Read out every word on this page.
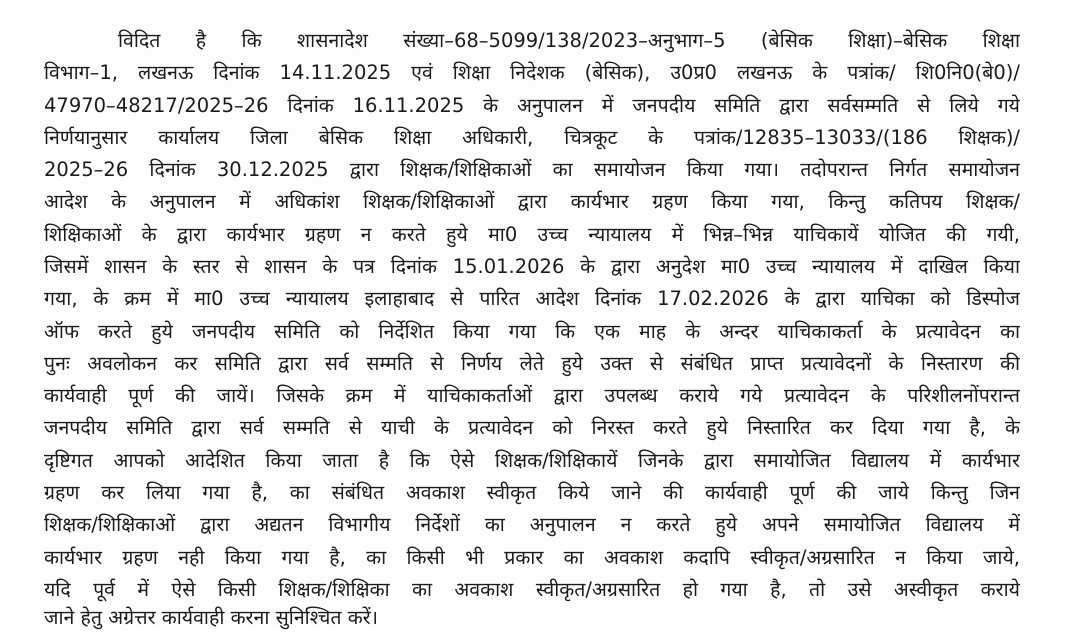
विदित है कि शासनादेश संख्या–68–5099/138/2023–अनुभाग–5 (बेसिक शिक्षा)–बेसिक शिक्षा
विभाग–1, लखनऊ दिनांक 14.11.2025 एवं शिक्षा निदेशक (बेसिक), उ0प्र0 लखनऊ के पत्रांक/ शि0नि0(बे0)/
47970–48217/2025–26 दिनांक 16.11.2025 के अनुपालन में जनपदीय समिति द्वारा सर्वसम्मति से लिये गये
निर्णयानुसार कार्यालय जिला बेसिक शिक्षा अधिकारी, चित्रकूट के पत्रांक/12835–13033/(186 शिक्षक)/
2025–26 दिनांक 30.12.2025 द्वारा शिक्षक/शिक्षिकाओं का समायोजन किया गया। तदोपरान्त निर्गत समायोजन
आदेश के अनुपालन में अधिकांश शिक्षक/शिक्षिकाओं द्वारा कार्यभार ग्रहण किया गया, किन्तु कतिपय शिक्षक/
शिक्षिकाओं के द्वारा कार्यभार ग्रहण न करते हुये मा0 उच्च न्यायालय में भिन्न–भिन्न याचिकायें योजित की गयी,
जिसमें शासन के स्तर से शासन के पत्र दिनांक 15.01.2026 के द्वारा अनुदेश मा0 उच्च न्यायालय में दाखिल किया
गया, के क्रम में मा0 उच्च न्यायालय इलाहाबाद से पारित आदेश दिनांक 17.02.2026 के द्वारा याचिका को डिस्पोज
ऑफ करते हुये जनपदीय समिति को निर्देशित किया गया कि एक माह के अन्दर याचिकाकर्ता के प्रत्यावेदन का
पुनः अवलोकन कर समिति द्वारा सर्व सम्मति से निर्णय लेते हुये उक्त से संबंधित प्राप्त प्रत्यावेदनों के निस्तारण की
कार्यवाही पूर्ण की जायें। जिसके क्रम में याचिकाकर्ताओं द्वारा उपलब्ध कराये गये प्रत्यावेदन के परिशीलनोंपरान्त
जनपदीय समिति द्वारा सर्व सम्मति से याची के प्रत्यावेदन को निरस्त करते हुये निस्तारित कर दिया गया है, के
दृष्टिगत आपको आदेशित किया जाता है कि ऐसे शिक्षक/शिक्षिकायें जिनके द्वारा समायोजित विद्यालय में कार्यभार
ग्रहण कर लिया गया है, का संबंधित अवकाश स्वीकृत किये जाने की कार्यवाही पूर्ण की जाये किन्तु जिन
शिक्षक/शिक्षिकाओं द्वारा अद्यतन विभागीय निर्देशों का अनुपालन न करते हुये अपने समायोजित विद्यालय में
कार्यभार ग्रहण नही किया गया है, का किसी भी प्रकार का अवकाश कदापि स्वीकृत/अग्रसारित न किया जाये,
यदि पूर्व में ऐसे किसी शिक्षक/शिक्षिका का अवकाश स्वीकृत/अग्रसारित हो गया है, तो उसे अस्वीकृत कराये
जाने हेतु अग्रेत्तर कार्यवाही करना सुनिश्चित करें।
